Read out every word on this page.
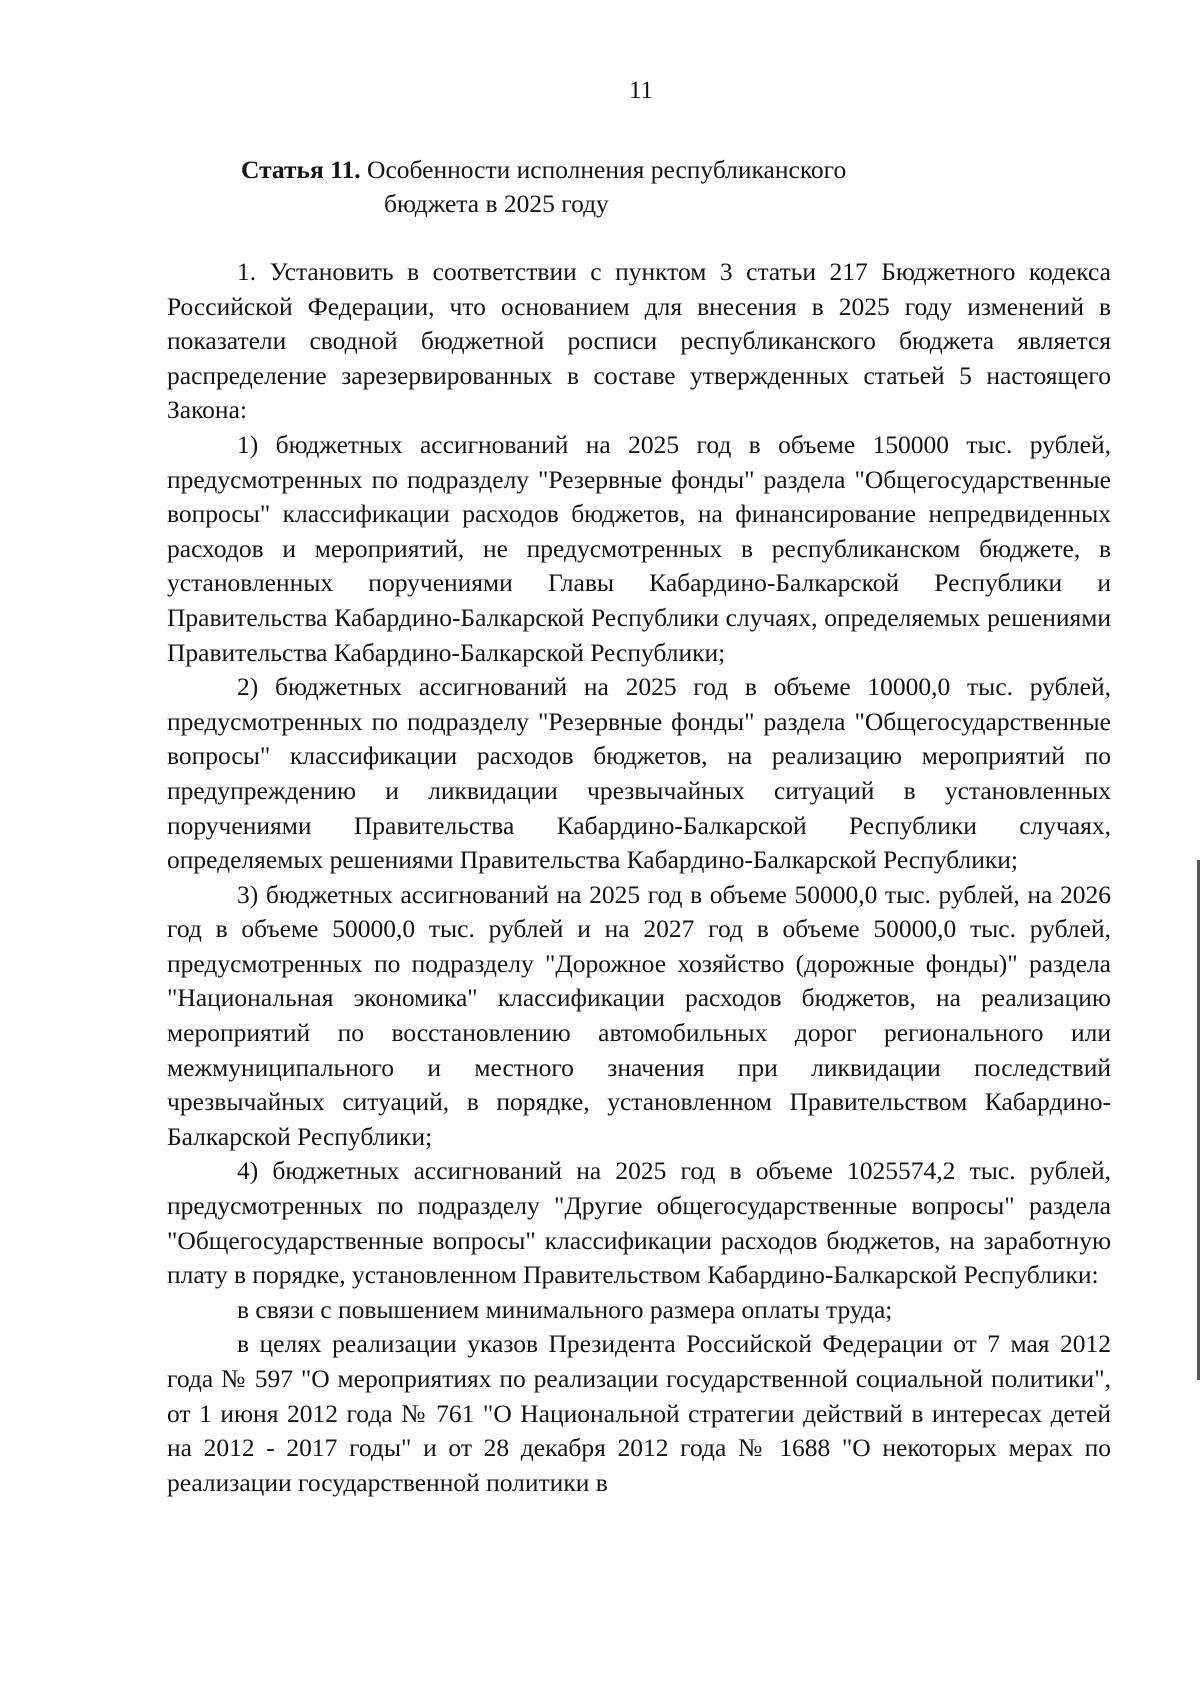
11
Статья 11. Особенности исполнения республиканского
бюджета в 2025 году

1. Установить в соответствии с пунктом 3 статьи 217 Бюджетного кодекса Российской Федерации, что основанием для внесения в 2025 году изменений в показатели сводной бюджетной росписи республиканского бюджета является распределение зарезервированных в составе утвержденных статьей 5 настоящего Закона:

1) бюджетных ассигнований на 2025 год в объеме 150000 тыс. рублей, предусмотренных по подразделу "Резервные фонды" раздела "Общегосударственные вопросы" классификации расходов бюджетов, на финансирование непредвиденных расходов и мероприятий, не предусмотренных в республиканском бюджете, в установленных поручениями Главы Кабардино-Балкарской Республики и Правительства Кабардино-Балкарской Республики случаях, определяемых решениями Правительства Кабардино-Балкарской Республики;

2) бюджетных ассигнований на 2025 год в объеме 10000,0 тыс. рублей, предусмотренных по подразделу "Резервные фонды" раздела "Общегосударственные вопросы" классификации расходов бюджетов, на реализацию мероприятий по предупреждению и ликвидации чрезвычайных ситуаций в установленных поручениями Правительства Кабардино-Балкарской Республики случаях, определяемых решениями Правительства Кабардино-Балкарской Республики;

3) бюджетных ассигнований на 2025 год в объеме 50000,0 тыс. рублей, на 2026 год в объеме 50000,0 тыс. рублей и на 2027 год в объеме 50000,0 тыс. рублей, предусмотренных по подразделу "Дорожное хозяйство (дорожные фонды)" раздела "Национальная экономика" классификации расходов бюджетов, на реализацию мероприятий по восстановлению автомобильных дорог регионального или межмуниципального и местного значения при ликвидации последствий чрезвычайных ситуаций, в порядке, установленном Правительством Кабардино-Балкарской Республики;

4) бюджетных ассигнований на 2025 год в объеме 1025574,2 тыс. рублей, предусмотренных по подразделу "Другие общегосударственные вопросы" раздела "Общегосударственные вопросы" классификации расходов бюджетов, на заработную плату в порядке, установленном Правительством Кабардино-Балкарской Республики:

в связи с повышением минимального размера оплаты труда;

в целях реализации указов Президента Российской Федерации от 7 мая 2012 года № 597 "О мероприятиях по реализации государственной социальной политики", от 1 июня 2012 года № 761 "О Национальной стратегии действий в интересах детей на 2012 - 2017 годы" и от 28 декабря 2012 года № 1688 "О некоторых мерах по реализации государственной политики в
